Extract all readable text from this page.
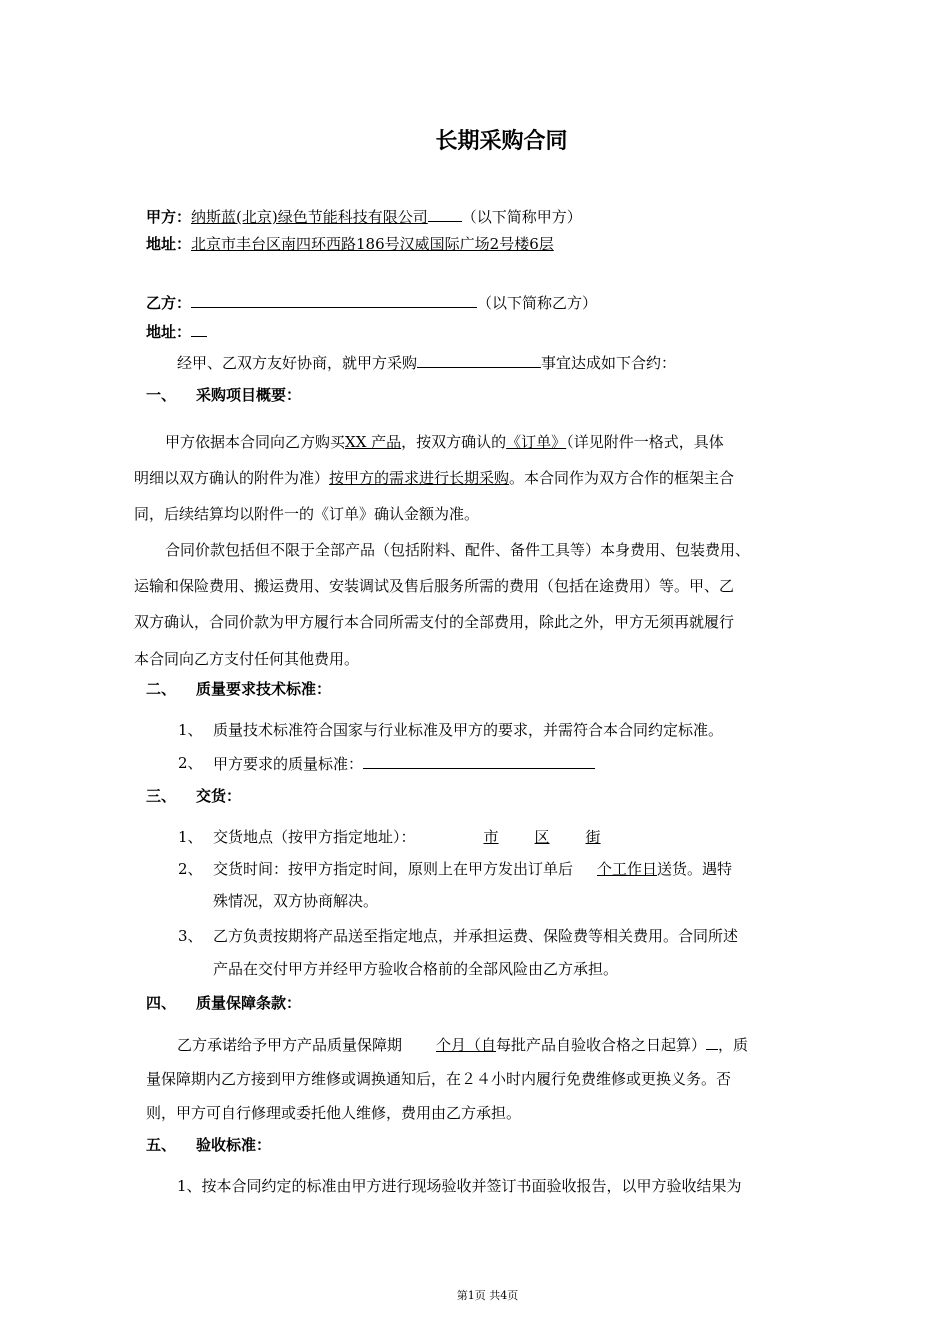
长期采购合同
甲方：纳斯蓝(北京)绿色节能科技有限公司 （以下简称甲方）
地址：北京市丰台区南四环西路186号汉威国际广场2号楼6层
乙方：	（以下简称乙方）
地址：
经甲、乙双方友好协商，就甲方采购	事宜达成如下合约：
一、 采购项目概要：
甲方依据本合同向乙方购买XX 产品，按双方确认的《订单》（详见附件一格式，具体
明细以双方确认的附件为准）按甲方的需求进行长期采购。本合同作为双方合作的框架主合
同，后续结算均以附件一的《订单》确认金额为准。
合同价款包括但不限于全部产品（包括附料、配件、备件工具等）本身费用、包装费用、
运输和保险费用、搬运费用、安装调试及售后服务所需的费用（包括在途费用）等。甲、乙
双方确认，合同价款为甲方履行本合同所需支付的全部费用，除此之外，甲方无须再就履行
本合同向乙方支付任何其他费用。
二、 质量要求技术标准：
1、 质量技术标准符合国家与行业标准及甲方的要求，并需符合本合同约定标准。
2、 甲方要求的质量标准：
三、 交货：
1、 交货地点（按甲方指定地址）：	市 区 街
2、 交货时间：按甲方指定时间，原则上在甲方发出订单后 个工作日送货。遇特
殊情况，双方协商解决。
3、 乙方负责按期将产品送至指定地点，并承担运费、保险费等相关费用。合同所述
产品在交付甲方并经甲方验收合格前的全部风险由乙方承担。
四、 质量保障条款：
乙方承诺给予甲方产品质量保障期 个月（自每批产品自验收合格之日起算） ，质
量保障期内乙方接到甲方维修或调换通知后，在２４小时内履行免费维修或更换义务。否
则，甲方可自行修理或委托他人维修，费用由乙方承担。
五、 验收标准：
1、按本合同约定的标准由甲方进行现场验收并签订书面验收报告，以甲方验收结果为
第1页 共4页
